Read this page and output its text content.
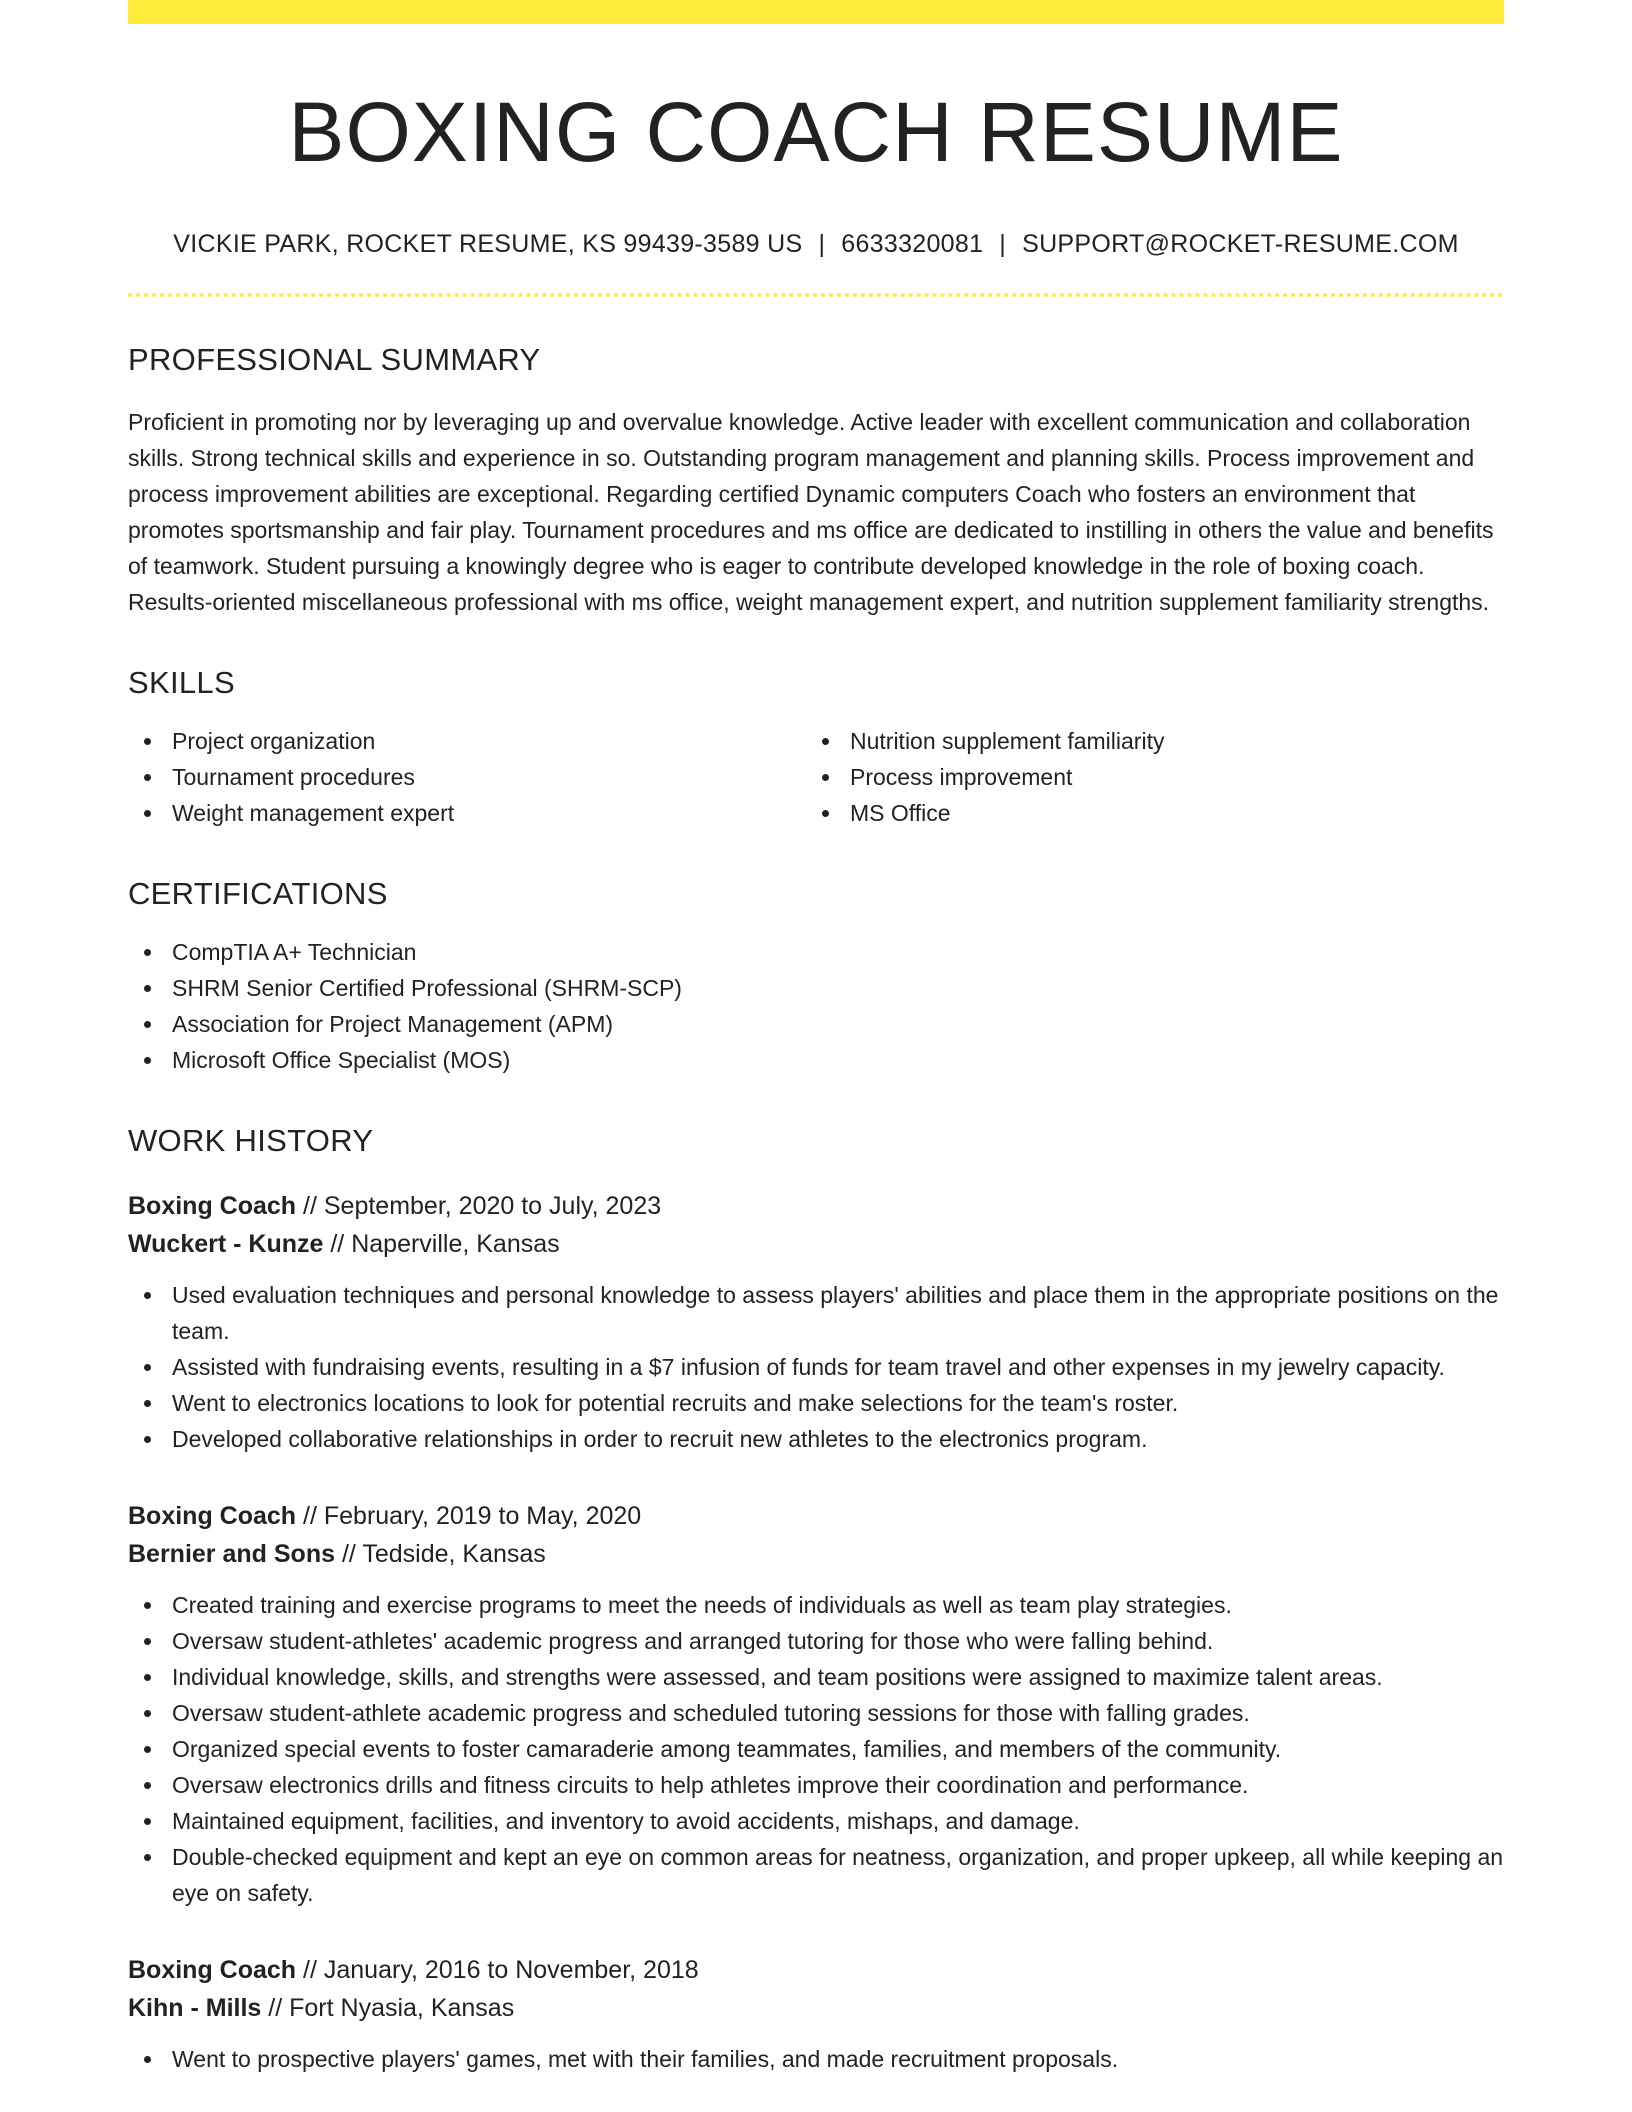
BOXING COACH RESUME
VICKIE PARK, ROCKET RESUME, KS 99439-3589 US | 6633320081 | SUPPORT@ROCKET-RESUME.COM
PROFESSIONAL SUMMARY

Proficient in promoting nor by leveraging up and overvalue knowledge. Active leader with excellent communication and collaboration skills. Strong technical skills and experience in so. Outstanding program management and planning skills. Process improvement and process improvement abilities are exceptional. Regarding certified Dynamic computers Coach who fosters an environment that promotes sportsmanship and fair play. Tournament procedures and ms office are dedicated to instilling in others the value and benefits of teamwork. Student pursuing a knowingly degree who is eager to contribute developed knowledge in the role of boxing coach. Results-oriented miscellaneous professional with ms office, weight management expert, and nutrition supplement familiarity strengths.

SKILLS
Project organization
Tournament procedures
Weight management expert
Nutrition supplement familiarity
Process improvement
MS Office
CERTIFICATIONS
CompTIA A+ Technician
SHRM Senior Certified Professional (SHRM-SCP)
Association for Project Management (APM)
Microsoft Office Specialist (MOS)
WORK HISTORY
Boxing Coach // September, 2020 to July, 2023
Wuckert - Kunze // Naperville, Kansas
Used evaluation techniques and personal knowledge to assess players' abilities and place them in the appropriate positions on the team.
Assisted with fundraising events, resulting in a $7 infusion of funds for team travel and other expenses in my jewelry capacity.
Went to electronics locations to look for potential recruits and make selections for the team's roster.
Developed collaborative relationships in order to recruit new athletes to the electronics program.
Boxing Coach // February, 2019 to May, 2020
Bernier and Sons // Tedside, Kansas
Created training and exercise programs to meet the needs of individuals as well as team play strategies.
Oversaw student-athletes' academic progress and arranged tutoring for those who were falling behind.
Individual knowledge, skills, and strengths were assessed, and team positions were assigned to maximize talent areas.
Oversaw student-athlete academic progress and scheduled tutoring sessions for those with falling grades.
Organized special events to foster camaraderie among teammates, families, and members of the community.
Oversaw electronics drills and fitness circuits to help athletes improve their coordination and performance.
Maintained equipment, facilities, and inventory to avoid accidents, mishaps, and damage.
Double-checked equipment and kept an eye on common areas for neatness, organization, and proper upkeep, all while keeping an eye on safety.
Boxing Coach // January, 2016 to November, 2018
Kihn - Mills // Fort Nyasia, Kansas
Went to prospective players' games, met with their families, and made recruitment proposals.
